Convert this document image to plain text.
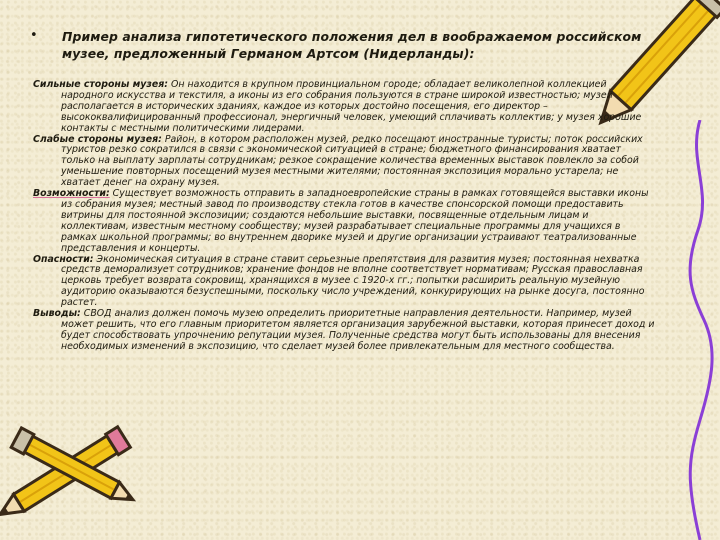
• Пример анализа гипотетического положения дел в воображаемом российском музее, предложенный Германом Артсом (Нидерланды):

Сильные стороны музея: Он находится в крупном провинциальном городе; обладает великолепной коллекцией народного искусства и текстиля, а иконы из его собрания пользуются в стране широкой известностью; музей располагается в исторических зданиях, каждое из которых достойно посещения, его директор – высококвалифицированный профессионал, энергичный человек, умеющий сплачивать коллектив; у музея хорошие контакты с местными политическими лидерами.

Слабые стороны музея: Район, в котором расположен музей, редко посещают иностранные туристы; поток российских туристов резко сократился в связи с экономической ситуацией в стране; бюджетного финансирования хватает только на выплату зарплаты сотрудникам; резкое сокращение количества временных выставок повлекло за собой уменьшение повторных посещений музея местными жителями; постоянная экспозиция морально устарела; не хватает денег на охрану музея.

Возможности: Существует возможность отправить в западноевропейские страны в рамках готовящейся выставки иконы из собрания музея; местный завод по производству стекла готов в качестве спонсорской помощи предоставить витрины для постоянной экспозиции; создаются небольшие выставки, посвященные отдельным лицам и коллективам, известным местному сообществу; музей разрабатывает специальные программы для учащихся в рамках школьной программы; во внутреннем дворике музей и другие организации устраивают театрализованные представления и концерты.

Опасности: Экономическая ситуация в стране ставит серьезные препятствия для развития музея; постоянная нехватка средств деморализует сотрудников; хранение фондов не вполне соответствует нормативам; Русская православная церковь требует возврата сокровищ, хранящихся в музее с 1920-х гг.; попытки расширить реальную музейную аудиторию оказываются безуспешными, поскольку число учреждений, конкурирующих на рынке досуга, постоянно растет.

Выводы: СВОД анализ должен помочь музею определить приоритетные направления деятельности. Например, музей может решить, что его главным приоритетом является организация зарубежной выставки, которая принесет доход и будет способствовать упрочнению репутации музея. Полученные средства могут быть использованы для внесения необходимых изменений в экспозицию, что сделает музей более привлекательным для местного сообщества.
